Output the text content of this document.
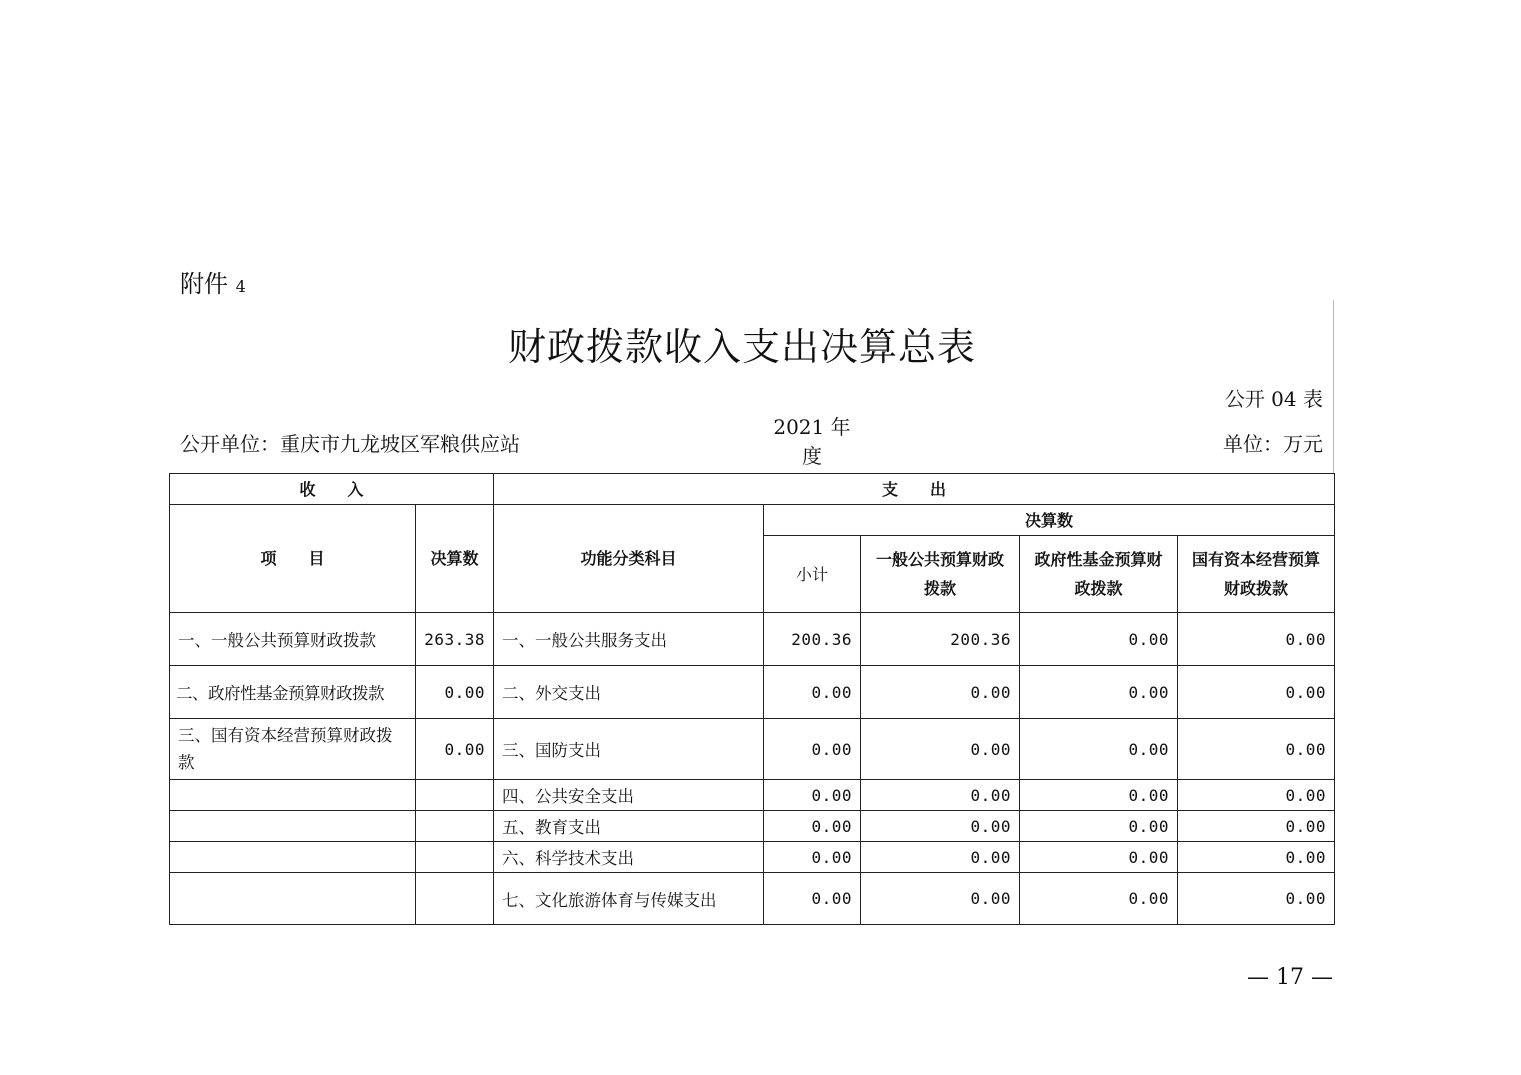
附件 4
财政拨款收入支出决算总表
公开 04 表
公开单位：重庆市九龙坡区军粮供应站
2021 年
度	单位：万元
收　　入		支　　出				
项　　目	决算数	功能分类科目	决算数			
			小计	一般公共预算财政拨款	政府性基金预算财政拨款	国有资本经营预算财政拨款
一、一般公共预算财政拨款	263.38	一、一般公共服务支出	200.36	200.36	0.00	0.00
二、政府性基金预算财政拨款	0.00	二、外交支出	0.00	0.00	0.00	0.00
三、国有资本经营预算财政拨款	0.00	三、国防支出	0.00	0.00	0.00	0.00
		四、公共安全支出	0.00	0.00	0.00	0.00
		五、教育支出	0.00	0.00	0.00	0.00
		六、科学技术支出	0.00	0.00	0.00	0.00
		七、文化旅游体育与传媒支出	0.00	0.00	0.00	0.00
— 17 —
